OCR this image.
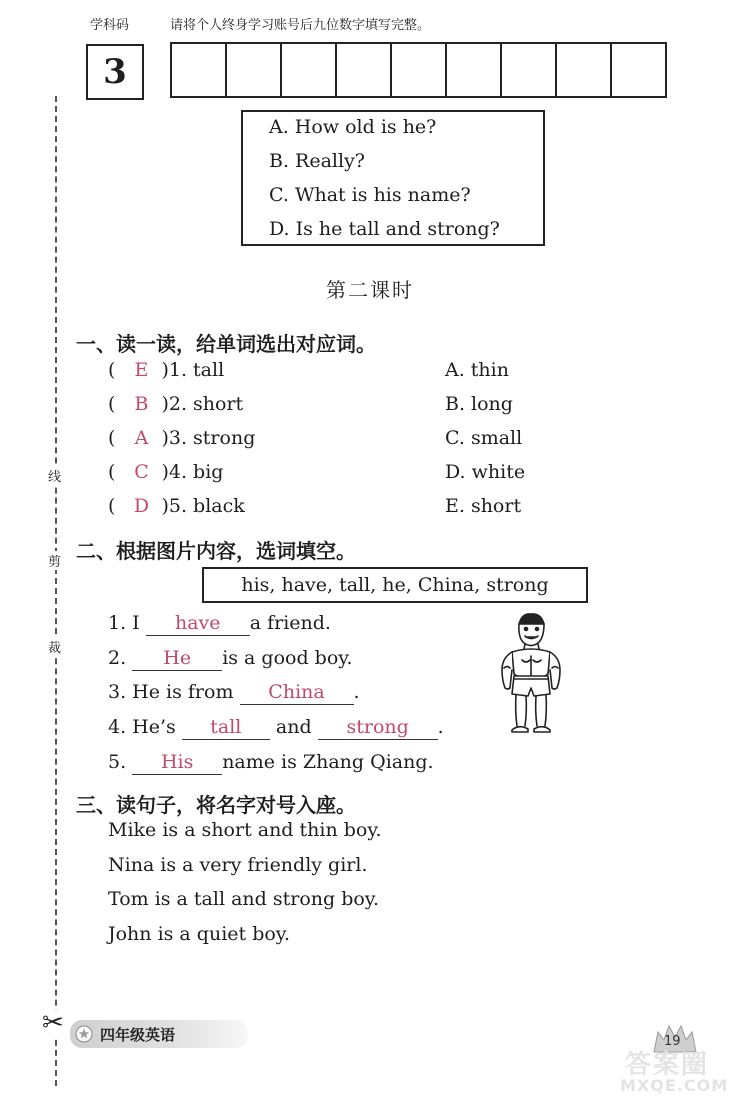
学科码	请将个人终身学习账号后九位数字填写完整。
3
A. How old is he?
B. Really?
C. What is his name?
D. Is he tall and strong?
第二课时
一、读一读，给单词选出对应词。
( E )1. tall	A. thin
( B )2. short	B. long
( A )3. strong	C. small
( C )4. big	D. white
( D )5. black	E. short
二、根据图片内容，选词填空。
his, have, tall, he, China, strong
1. I have a friend.
2. He is a good boy.
3. He is from China .
4. He’s tall and strong .
5. His name is Zhang Qiang.
三、读句子，将名字对号入座。
Mike is a short and thin boy.
Nina is a very friendly girl.
Tom is a tall and strong boy.
John is a quiet boy.
线
剪
裁
✂ 四年级英语	19
答案圈
MXQE.COM
